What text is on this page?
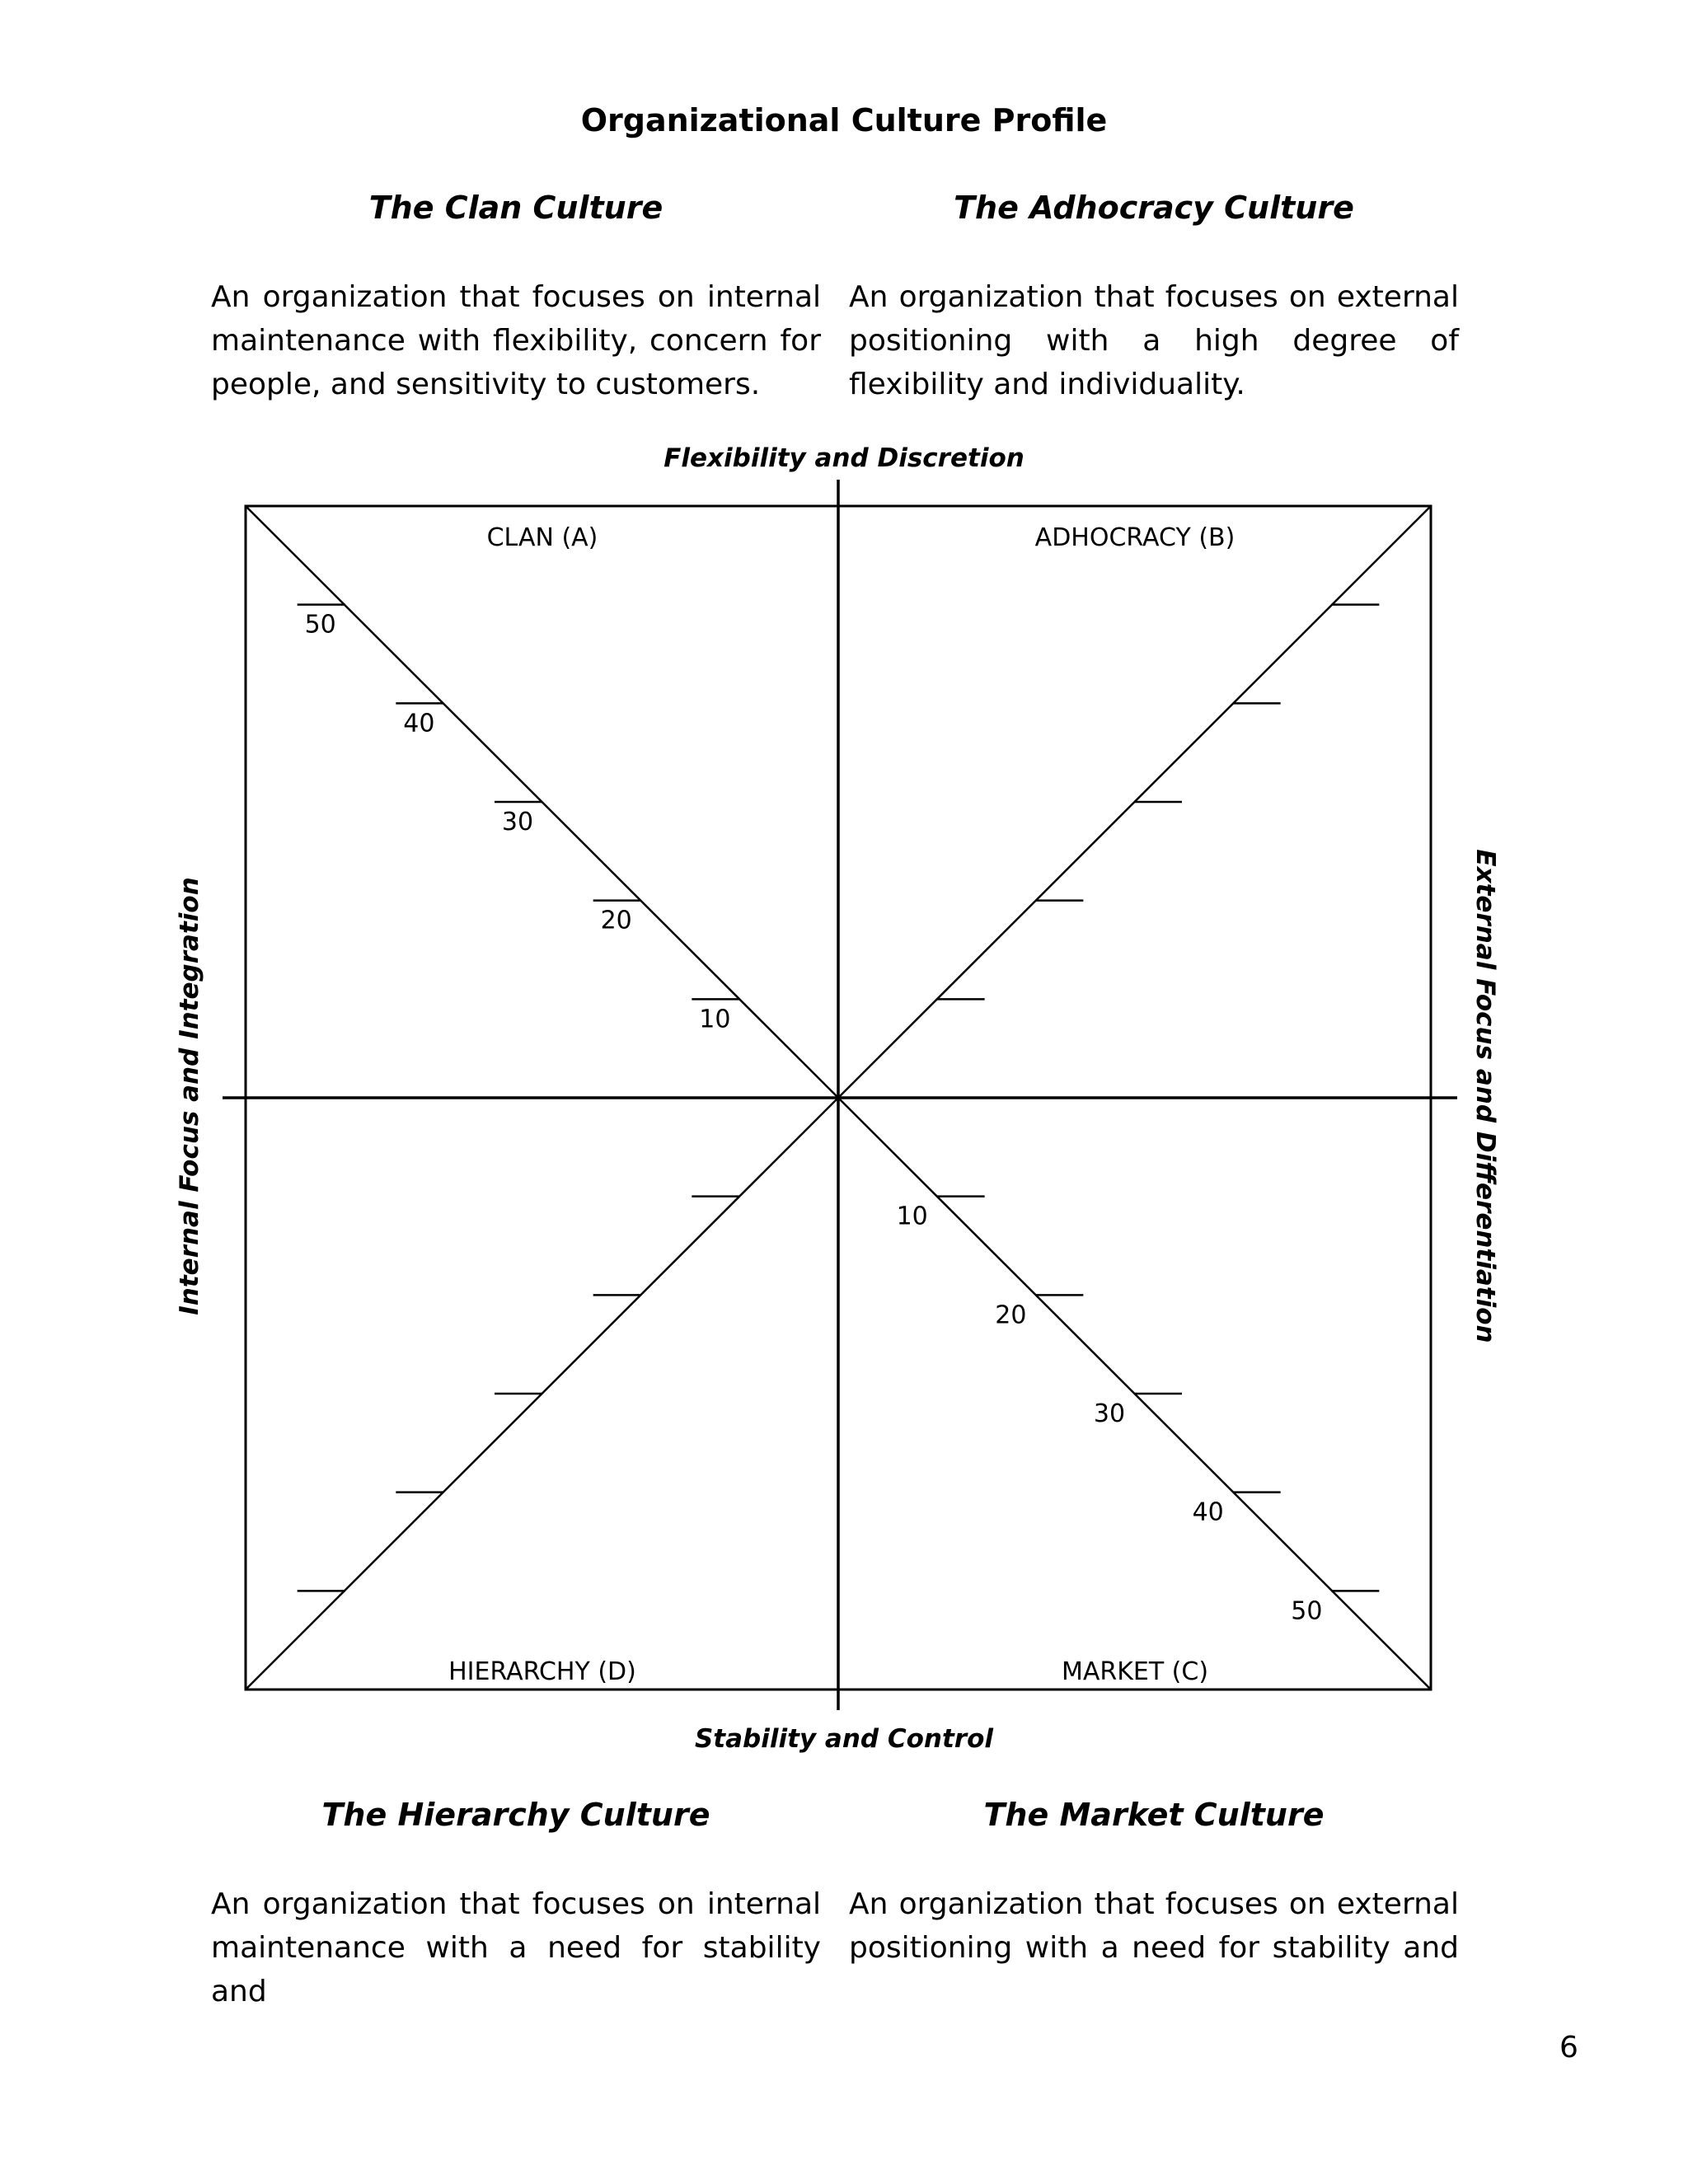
Organizational Culture Profile
The Clan Culture	The Adhocracy Culture
An organization that focuses on internal maintenance with flexibility, concern for people, and sensitivity to customers.
An organization that focuses on external positioning with a high degree of flexibility and individuality.
Flexibility and Discretion
Stability and Control
Internal Focus and Integration	External Focus and Differentiation
CLAN (A)	ADHOCRACY (B)
HIERARCHY (D)	MARKET (C)
10
20
30
40
50
10
20
30
40
50
6
The Hierarchy Culture	The Market Culture
An organization that focuses on internal maintenance with a need for stability and
An organization that focuses on external positioning with a need for stability and
